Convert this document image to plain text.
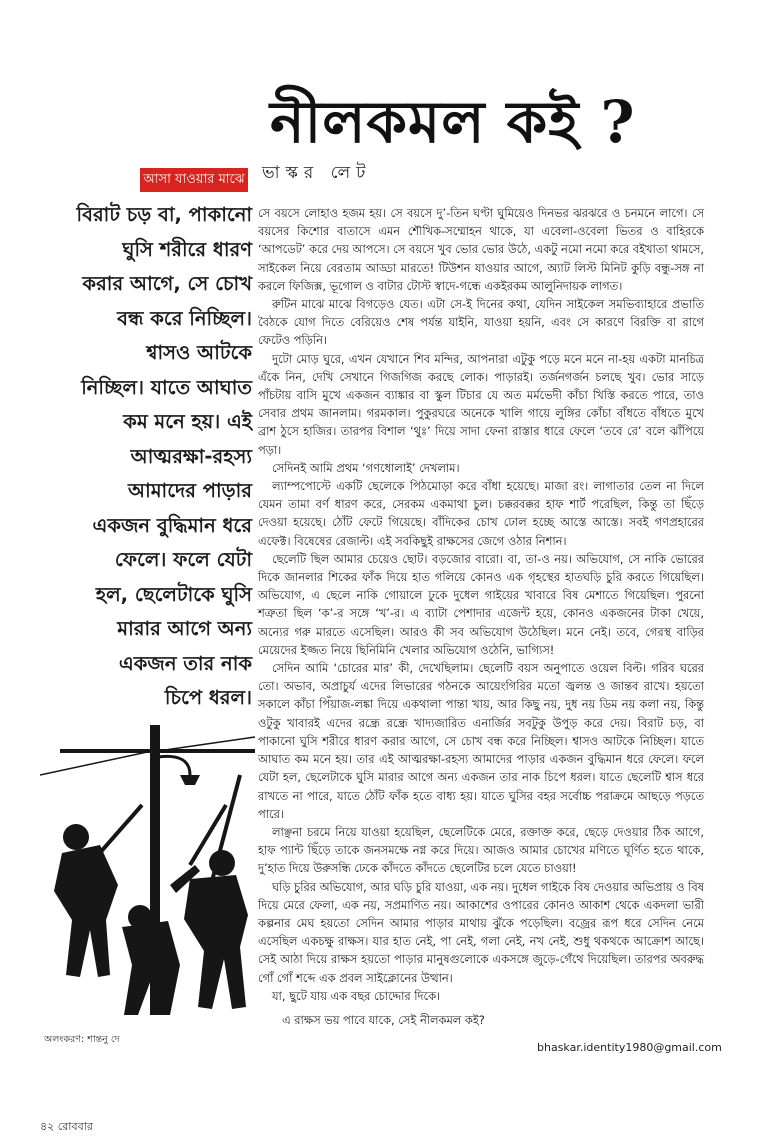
নীলকমল কই ?
ভাস্কর লেট
আসা যাওয়ার মাঝে

বিরাট চড় বা, পাকানো

ঘুসি শরীরে ধারণ

করার আগে, সে চোখ

বন্ধ করে নিচ্ছিল।

শ্বাসও আটকে

নিচ্ছিল। যাতে আঘাত

কম মনে হয়। এই

আত্মরক্ষা-রহস্য

আমাদের পাড়ার

একজন বুদ্ধিমান ধরে

ফেলে। ফলে যেটা

হল, ছেলেটাকে ঘুসি

মারার আগে অন্য

একজন তার নাক

চিপে ধরল।

সে বয়সে লোহাও হজম হয়। সে বয়সে দু’-তিন ঘণ্টা ঘুমিয়েও দিনভর ঝরঝরে ও চনমনে লাগে। সে বয়সের কিশোর বাতাসে এমন শৌখিক-সম্মোহন থাকে, যা এবেলা-ওবেলা ভিতর ও বাহিরকে ‘আপডেট’ করে দেয় আপসে। সে বয়সে খুব ভোর ভোর উঠে, একটু নমো নমো করে বইখাতা থামসে, সাইকেল নিয়ে বেরতাম আড্ডা মারতে! টিউশন যাওয়ার আগে, অ্যাট লিস্ট মিনিট কুড়ি বন্ধু-সঙ্গ না করলে ফিজিক্স, ভূগোল ও বাটার টোস্ট স্বাদে-গন্ধে একইরকম আলুনিদায়ক লাগত।

রুটিন মাঝে মাঝে বিগড়েও যেত। এটা সে-ই দিনের কথা, যেদিন সাইকেল সমভিব্যাহারে প্রভাতি বৈঠকে যোগ দিতে বেরিয়েও শেষ পর্যন্ত যাইনি, যাওয়া হয়নি, এবং সে কারণে বিরক্তি বা রাগে ফেটেও পড়িনি।

দুটো মোড় ঘুরে, এখন যেখানে শিব মন্দির, আপনারা এটুকু পড়ে মনে মনে না-হয় একটা মানচিত্র এঁকে নিন, দেখি সেখানে গিজগিজ করছে লোক। পাড়ারই। তর্জনগর্জন চলছে খুব। ভোর সাড়ে পাঁচটায় বাসি মুখে একজন ব্যাঙ্কার বা স্কুল টিচার যে অত মর্মভেদী কাঁচা খিস্তি করতে পারে, তাও সেবার প্রথম জানলাম। গরমকাল। পুকুরঘরে অনেকে খালি গায়ে লুঙ্গির কোঁচা বাঁধতে বাঁধতে মুখে ব্রাশ ঠুসে হাজির। তারপর বিশাল ‘থুঃ’ দিয়ে সাদা ফেনা রাস্তার ধারে ফেলে ‘তবে রে’ বলে ঝাঁপিয়ে পড়া।

সেদিনই আমি প্রথম ‘গণধোলাই’ দেখলাম।

ল্যাম্পপোস্টে একটি ছেলেকে পিঠমোড়া করে বাঁধা হয়েছে। মাজা রং। লাগাতার তেল না দিলে যেমন তামা বর্ণ ধারণ করে, সেরকম একমাথা চুল। চক্করবক্কর হাফ শার্ট পরেছিল, কিন্তু তা ছিঁড়ে দেওয়া হয়েছে। ঠোঁট ফেটে গিয়েছে। বাঁদিকের চোখ ঢোল হচ্ছে আস্তে আস্তে। সবই গণপ্রহারের এফেক্ট। বিষেষের রেজাল্ট। এই সবকিছুই রাক্ষসের জেগে ওঠার নিশান।

ছেলেটি ছিল আমার চেয়েও ছোট। বড়জোর বারো। বা, তা-ও নয়। অভিযোগ, সে নাকি ভোরের দিকে জানলার শিকের ফাঁক দিয়ে হাত গলিয়ে কোনও এক গৃহস্থের হাতঘড়ি চুরি করতে গিয়েছিল। অভিযোগ, এ ছেলে নাকি গোয়ালে ঢুকে দুধেল গাইয়ের খাবারে বিষ মেশাতে গিয়েছিল। পুরনো শত্রুতা ছিল ‘ক’-র সঙ্গে ‘খ’-র। এ ব্যাটা পেশাদার এজেন্ট হয়ে, কোনও একজনের টাকা খেয়ে, অন্যের গরু মারতে এসেছিল। আরও কী সব অভিযোগ উঠেছিল। মনে নেই। তবে, গেরস্থ বাড়ির মেয়েদের ইজ্জত নিয়ে ছিনিমিনি খেলার অভিযোগ ওঠেনি, ভাগ্যিস!

সেদিন আমি ‘চোরের মার’ কী, দেখেছিলাম। ছেলেটি বয়স অনুপাতে ওয়েল বিল্ট। গরিব ঘরের তো। অভাব, অপ্রাচুর্য এদের লিভারের গঠনকে আয়েংগিরির মতো জ্বলন্ত ও জান্তব রাখে। হয়তো সকালে কাঁচা পিঁয়াজ-লঙ্কা দিয়ে একথালা পান্তা খায়, আর কিছু নয়, দুধ নয় ডিম নয় কলা নয়, কিন্তু ওটুকু খাবারই এদের রন্ধ্রে রন্ধ্রে খাদ্যজারিত এনার্জির সবটুকু উপুড় করে দেয়। বিরাট চড়, বা পাকানো ঘুসি শরীরে ধারণ করার আগে, সে চোখ বন্ধ করে নিচ্ছিল। শ্বাসও আটকে নিচ্ছিল। যাতে আঘাত কম মনে হয়। তার এই আত্মরক্ষা-রহস্য আমাদের পাড়ার একজন বুদ্ধিমান ধরে ফেলে। ফলে যেটা হল, ছেলেটাকে ঘুসি মারার আগে অন্য একজন তার নাক চিপে ধরল। যাতে ছেলেটি শ্বাস ধরে রাখতে না পারে, যাতে ঠোঁট ফাঁক হতে বাধ্য হয়। যাতে ঘুসির বহর সর্বোচ্চ পরাক্রমে আছড়ে পড়তে পারে।

লাঞ্ছনা চরমে নিয়ে যাওয়া হয়েছিল, ছেলেটিকে মেরে, রক্তাক্ত করে, ছেড়ে দেওয়ার ঠিক আগে, হাফ প্যান্ট ছিঁড়ে তাকে জনসমক্ষে নগ্ন করে দিয়ে। আজও আমার চোখের মণিতে ঘূর্ণিত হতে থাকে, দু’হাত দিয়ে উরুসন্ধি ঢেকে কাঁদতে কাঁদতে ছেলেটির চলে যেতে চাওয়া!

ঘড়ি চুরির অভিযোগ, আর ঘড়ি চুরি যাওয়া, এক নয়। দুধেল গাইকে বিষ দেওয়ার অভিপ্রায় ও বিষ দিয়ে মেরে ফেলা, এক নয়, সপ্রমাণিত নয়। আকাশের ওপারের কোনও আকাশ থেকে একদলা ভারী কল্পনার মেঘ হয়তো সেদিন আমার পাড়ার মাথায় ঝুঁকে পড়েছিল। বজ্রের রূপ ধরে সেদিন নেমে এসেছিল একচক্ষু রাক্ষস। যার হাত নেই, পা নেই, গলা নেই, নখ নেই, শুধু থকথকে আক্রোশ আছে। সেই আঠা দিয়ে রাক্ষস হয়তো পাড়ার মানুষগুলোকে একসঙ্গে জুড়ে-গেঁথে দিয়েছিল। তারপর অবরুদ্ধ গোঁ গোঁ শব্দে এক প্রবল সাইক্লোনের উত্থান।

যা, ছুটে যায় এক বছর চোদ্দোর দিকে।

এ রাক্ষস ভয় পাবে যাকে, সেই নীলকমল কই?
bhaskar.identity1980@gmail.com
অলংকরণ: শান্তনু দে
৪২ রোববার
